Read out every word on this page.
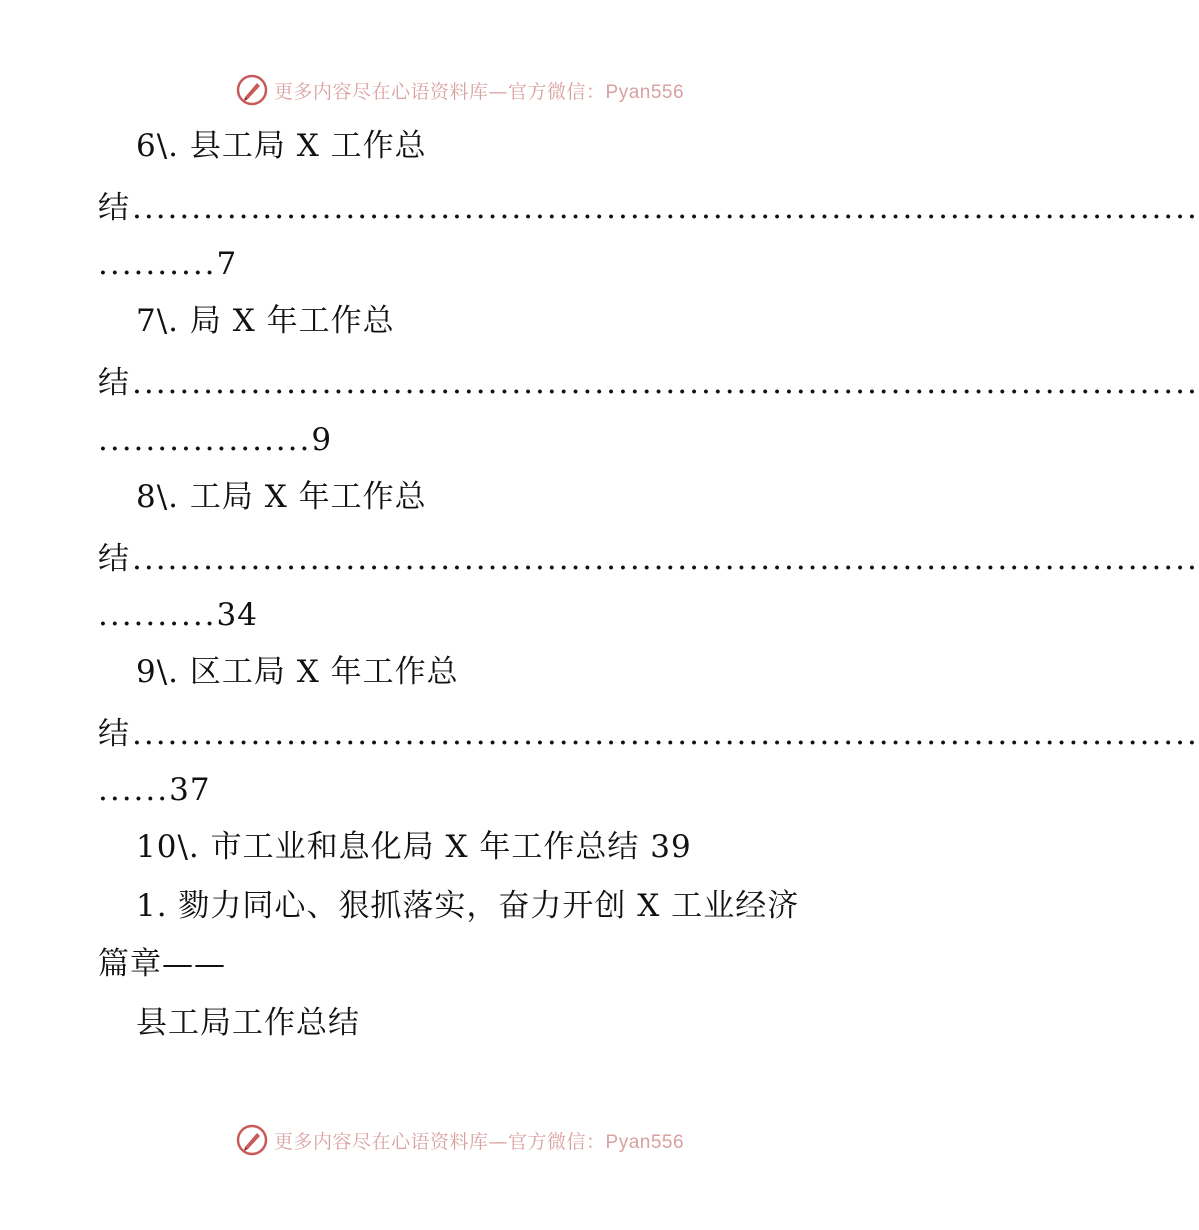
更多内容尽在心语资料库—官方微信：Pyan556
6\. 县工局 X 工作总
结 ..........................................................................................
..........7
7\. 局 X 年工作总
结 ..........................................................................................
..................9
8\. 工局 X 年工作总
结 ..........................................................................................
..........34
9\. 区工局 X 年工作总
结 ..........................................................................................
......37
10\. 市工业和息化局 X 年工作总结 39
1. 勠力同心、狠抓落实，奋力开创 X 工业经济
篇章——
县工局工作总结
更多内容尽在心语资料库—官方微信：Pyan556
